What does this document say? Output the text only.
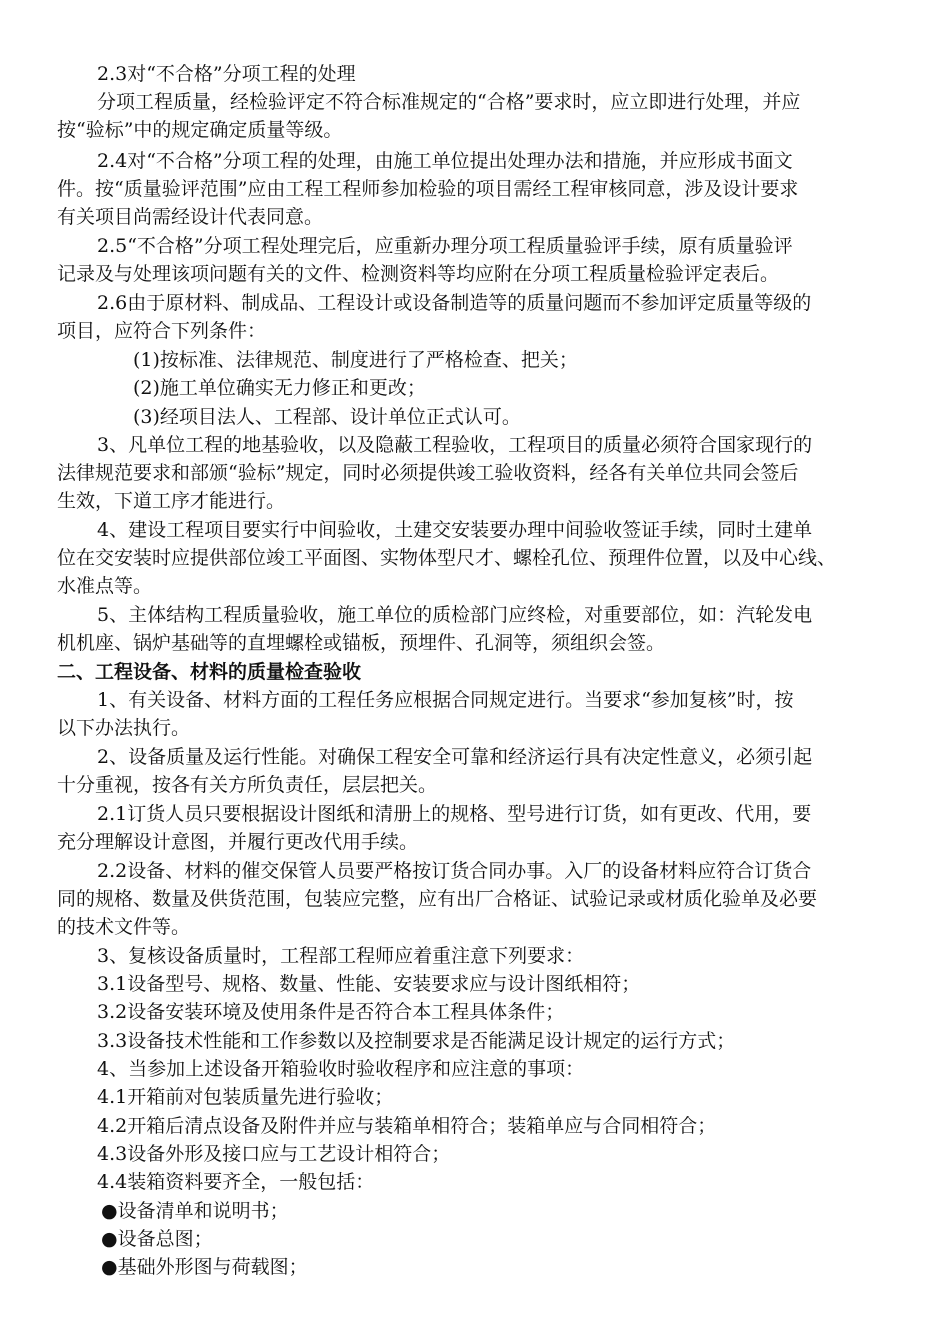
2.3对“不合格”分项工程的处理
分项工程质量，经检验评定不符合标准规定的“合格”要求时，应立即进行处理，并应
按“验标”中的规定确定质量等级。
2.4对“不合格”分项工程的处理，由施工单位提出处理办法和措施，并应形成书面文
件。按“质量验评范围”应由工程工程师参加检验的项目需经工程审核同意，涉及设计要求
有关项目尚需经设计代表同意。
2.5“不合格”分项工程处理完后，应重新办理分项工程质量验评手续，原有质量验评
记录及与处理该项问题有关的文件、检测资料等均应附在分项工程质量检验评定表后。
2.6由于原材料、制成品、工程设计或设备制造等的质量问题而不参加评定质量等级的
项目，应符合下列条件：
(1)按标准、法律规范、制度进行了严格检查、把关；
(2)施工单位确实无力修正和更改；
(3)经项目法人、工程部、设计单位正式认可。
3、凡单位工程的地基验收，以及隐蔽工程验收，工程项目的质量必须符合国家现行的
法律规范要求和部颁“验标”规定，同时必须提供竣工验收资料，经各有关单位共同会签后
生效，下道工序才能进行。
4、建设工程项目要实行中间验收，土建交安装要办理中间验收签证手续，同时土建单
位在交安装时应提供部位竣工平面图、实物体型尺才、螺栓孔位、预理件位置，以及中心线、
水准点等。
5、主体结构工程质量验收，施工单位的质检部门应终检，对重要部位，如：汽轮发电
机机座、锅炉基础等的直埋螺栓或锚板，预埋件、孔洞等，须组织会签。
二、工程设备、材料的质量检查验收
1、有关设备、材料方面的工程任务应根据合同规定进行。当要求“参加复核”时，按
以下办法执行。
2、设备质量及运行性能。对确保工程安全可靠和经济运行具有决定性意义，必须引起
十分重视，按各有关方所负责任，层层把关。
2.1订货人员只要根据设计图纸和清册上的规格、型号进行订货，如有更改、代用，要
充分理解设计意图，并履行更改代用手续。
2.2设备、材料的催交保管人员要严格按订货合同办事。入厂的设备材料应符合订货合
同的规格、数量及供货范围，包装应完整，应有出厂合格证、试验记录或材质化验单及必要
的技术文件等。
3、复核设备质量时，工程部工程师应着重注意下列要求：
3.1设备型号、规格、数量、性能、安装要求应与设计图纸相符；
3.2设备安装环境及使用条件是否符合本工程具体条件；
3.3设备技术性能和工作参数以及控制要求是否能满足设计规定的运行方式；
4、当参加上述设备开箱验收时验收程序和应注意的事项：
4.1开箱前对包装质量先进行验收；
4.2开箱后清点设备及附件并应与装箱单相符合；装箱单应与合同相符合；
4.3设备外形及接口应与工艺设计相符合；
4.4装箱资料要齐全，一般包括：
●设备清单和说明书；
●设备总图；
●基础外形图与荷载图；
